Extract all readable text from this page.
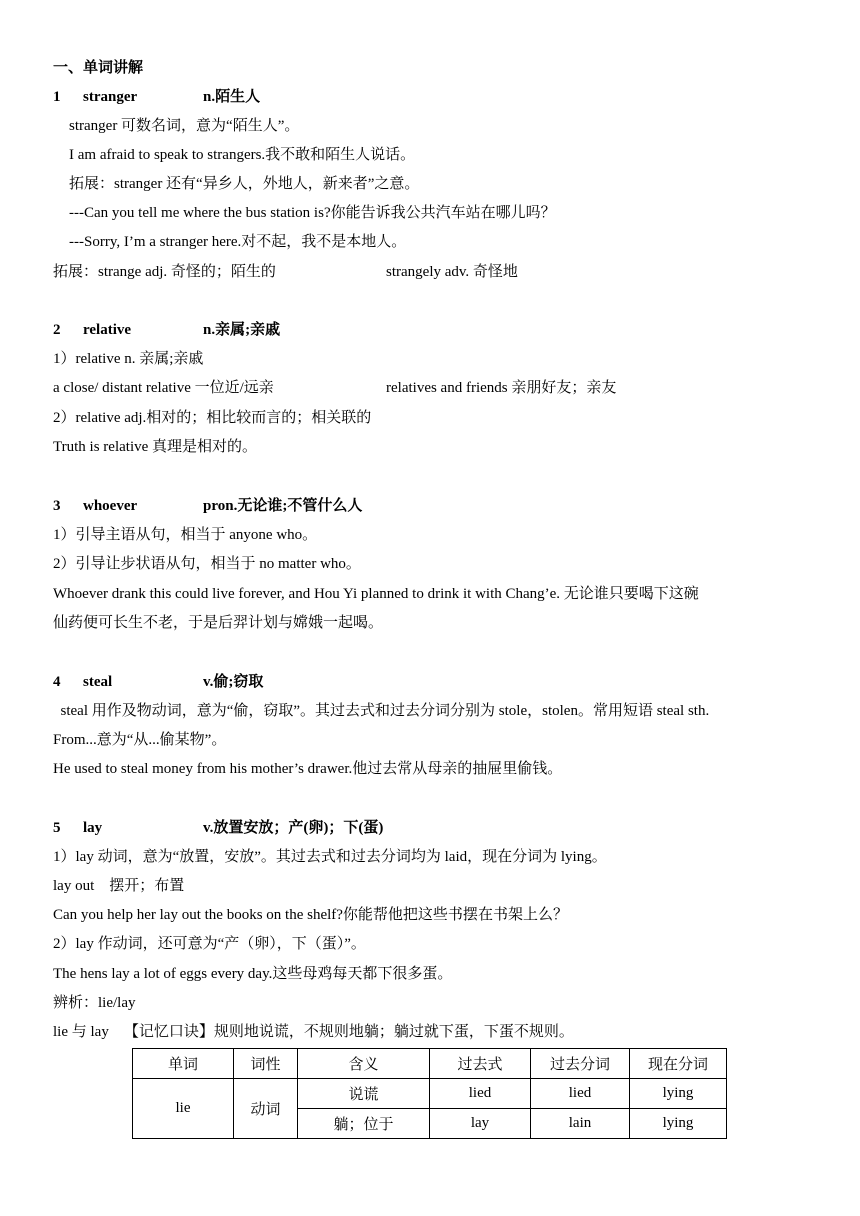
一、单词讲解
1 stranger	n.陌生人
stranger 可数名词，意为“陌生人”。
I am afraid to speak to strangers.我不敢和陌生人说话。
拓展：stranger 还有“异乡人，外地人，新来者”之意。
---Can you tell me where the bus station is?你能告诉我公共汽车站在哪儿吗？
---Sorry, I’m a stranger here.对不起，我不是本地人。
拓展：strange adj. 奇怪的；陌生的	strangely adv. 奇怪地
2 relative	n.亲属;亲戚
1）relative n. 亲属;亲戚
a close/ distant relative 一位近/远亲	relatives and friends 亲朋好友；亲友
2）relative adj.相对的；相比较而言的；相关联的
Truth is relative 真理是相对的。
3 whoever	pron.无论谁;不管什么人
1）引导主语从句，相当于 anyone who。
2）引导让步状语从句，相当于 no matter who。
Whoever drank this could live forever, and Hou Yi planned to drink it with Chang’e. 无论谁只要喝下这碗
仙药便可长生不老，于是后羿计划与嫦娥一起喝。
4 steal	v.偷;窃取
steal 用作及物动词，意为“偷，窃取”。其过去式和过去分词分别为 stole，stolen。常用短语 steal sth.
From...意为“从...偷某物”。
He used to steal money from his mother’s drawer.他过去常从母亲的抽屉里偷钱。
5 lay	v.放置安放；产(卵)；下(蛋)
1）lay 动词，意为“放置，安放”。其过去式和过去分词均为 laid，现在分词为 lying。
lay out    摆开；布置
Can you help her lay out the books on the shelf?你能帮他把这些书摆在书架上么？
2）lay 作动词，还可意为“产（卵），下（蛋）”。
The hens lay a lot of eggs every day.这些母鸡每天都下很多蛋。
辨析：lie/lay
lie 与 lay    【记忆口诀】规则地说谎，不规则地躺；躺过就下蛋，下蛋不规则。
单词	词性	含义	过去式	过去分词	现在分词
lie	动词	说谎	lied	lied	lying
		躺；位于	lay	lain	lying
